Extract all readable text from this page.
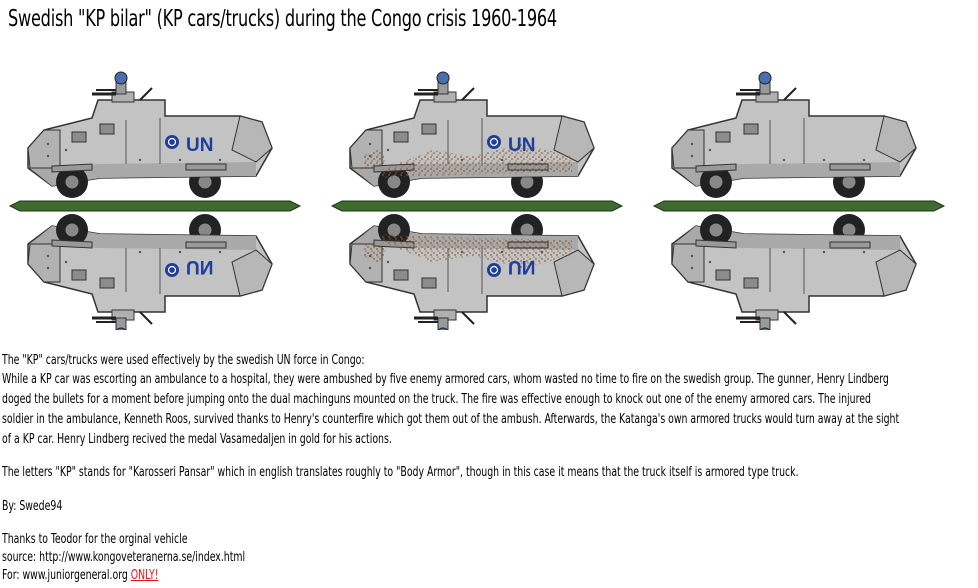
Swedish "KP bilar" (KP cars/trucks) during the Congo crisis 1960-1964
The "KP" cars/trucks were used effectively by the swedish UN force in Congo:
While a KP car was escorting an ambulance to a hospital, they were ambushed by five enemy armored cars, whom wasted no time to fire on the swedish group. The gunner, Henry Lindberg
doged the bullets for a moment before jumping onto the dual machinguns mounted on the truck. The fire was effective enough to knock out one of the enemy armored cars. The injured
soldier in the ambulance, Kenneth Roos, survived thanks to Henry's counterfire which got them out of the ambush. Afterwards, the Katanga's own armored trucks would turn away at the sight
of a KP car. Henry Lindberg recived the medal Vasamedaljen in gold for his actions.
The letters "KP" stands for "Karosseri Pansar" which in english translates roughly to "Body Armor", though in this case it means that the truck itself is armored type truck.
By: Swede94
Thanks to Teodor for the orginal vehicle
source: http://www.kongoveteranerna.se/index.html
For: www.juniorgeneral.org ONLY!
